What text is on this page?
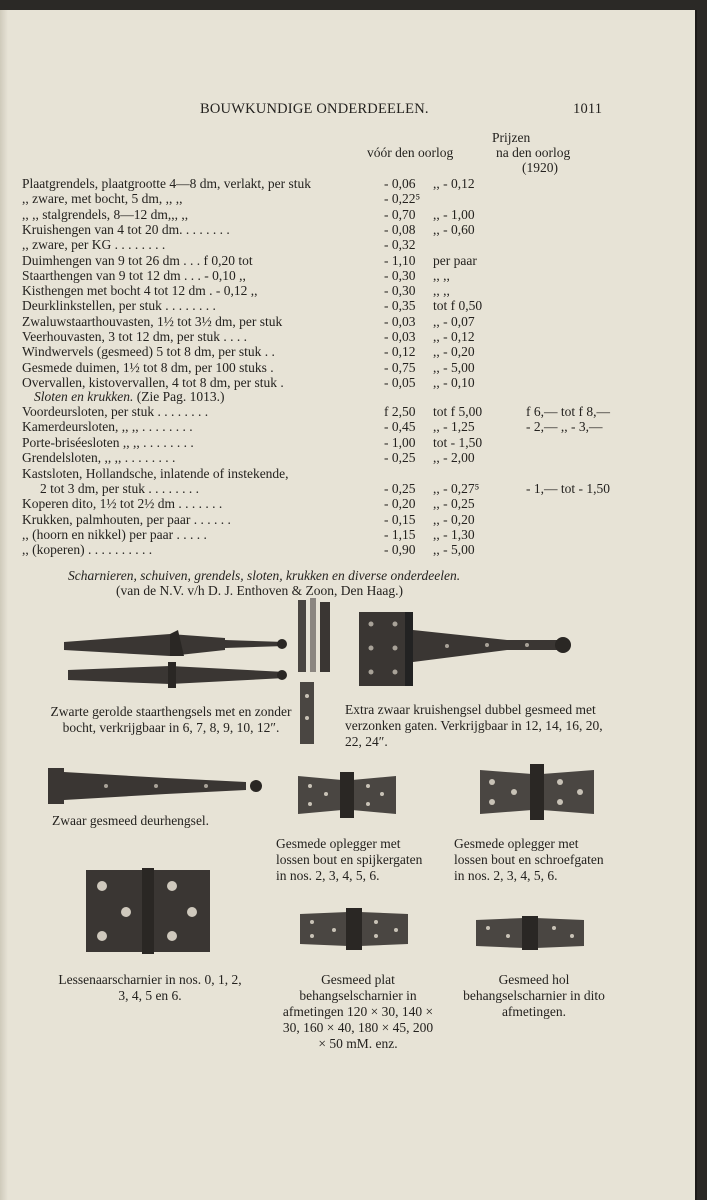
BOUWKUNDIGE ONDERDEELEN.	1011
Prijzen
vóór den oorlog	na den oorlog
(1920)
Plaatgrendels, plaatgrootte 4—8 dm, verlakt, per stuk	- 0,06 ,, - 0,12
,, zware, met bocht, 5 dm, ,, ,,	- 0,22⁵
,, ,, stalgrendels, 8—12 dm,,, ,,	- 0,70 ,, - 1,00
Kruishengen van 4 tot 20 dm. . . . . . . .	- 0,08 ,, - 0,60
,, zware, per KG . . . . . . . .	- 0,32
Duimhengen van 9 tot 26 dm . . . f 0,20 tot	- 1,10 per paar
Staarthengen van 9 tot 12 dm . . . - 0,10 ,,	- 0,30 ,, ,,
Kisthengen met bocht 4 tot 12 dm . - 0,12 ,,	- 0,30 ,, ,,
Deurklinkstellen, per stuk . . . . . . . .	- 0,35 tot f 0,50
Zwaluwstaarthouvasten, 1½ tot 3½ dm, per stuk	- 0,03 ,, - 0,07
Veerhouvasten, 3 tot 12 dm, per stuk . . . .	- 0,03 ,, - 0,12
Windwervels (gesmeed) 5 tot 8 dm, per stuk . .	- 0,12 ,, - 0,20
Gesmede duimen, 1½ tot 8 dm, per 100 stuks .	- 0,75 ,, - 5,00
Overvallen, kistovervallen, 4 tot 8 dm, per stuk .	- 0,05 ,, - 0,10
Sloten en krukken. (Zie Pag. 1013.)
Voordeursloten, per stuk . . . . . . . .	f 2,50 tot f 5,00	f 6,— tot f 8,—
Kamerdeursloten, ,, ,, . . . . . . . .	- 0,45 ,, - 1,25	- 2,— ,, - 3,—
Porte-briséesloten ,, ,, . . . . . . . .	- 1,00 tot - 1,50
Grendelsloten, ,, ,, . . . . . . . .	- 0,25 ,, - 2,00
Kastsloten, Hollandsche, inlatende of instekende,
2 tot 3 dm, per stuk . . . . . . . .	- 0,25 ,, - 0,27⁵	- 1,— tot - 1,50
Koperen dito, 1½ tot 2½ dm . . . . . . .	- 0,20 ,, - 0,25
Krukken, palmhouten, per paar . . . . . .	- 0,15 ,, - 0,20
,, (hoorn en nikkel) per paar . . . . .	- 1,15 ,, - 1,30
,, (koperen) . . . . . . . . . .	- 0,90 ,, - 5,00
Scharnieren, schuiven, grendels, sloten, krukken en diverse onderdeelen.
(van de N.V. v/h D. J. Enthoven & Zoon, Den Haag.)
Zwarte gerolde staarthengsels met en zonder bocht, verkrijgbaar in 6, 7, 8, 9, 10, 12″.
Extra zwaar kruishengsel dubbel gesmeed met verzonken gaten. Verkrijgbaar in 12, 14, 16, 20, 22, 24″.
Zwaar gesmeed deurhengsel.
Gesmede oplegger met lossen bout en spijkergaten in nos. 2, 3, 4, 5, 6.
Gesmede oplegger met lossen bout en schroefgaten in nos. 2, 3, 4, 5, 6.
Lessenaarscharnier in nos. 0, 1, 2, 3, 4, 5 en 6.
Gesmeed plat behangselscharnier in afmetingen 120 × 30, 140 × 30, 160 × 40, 180 × 45, 200 × 50 mM. enz.
Gesmeed hol behangselscharnier in dito afmetingen.
